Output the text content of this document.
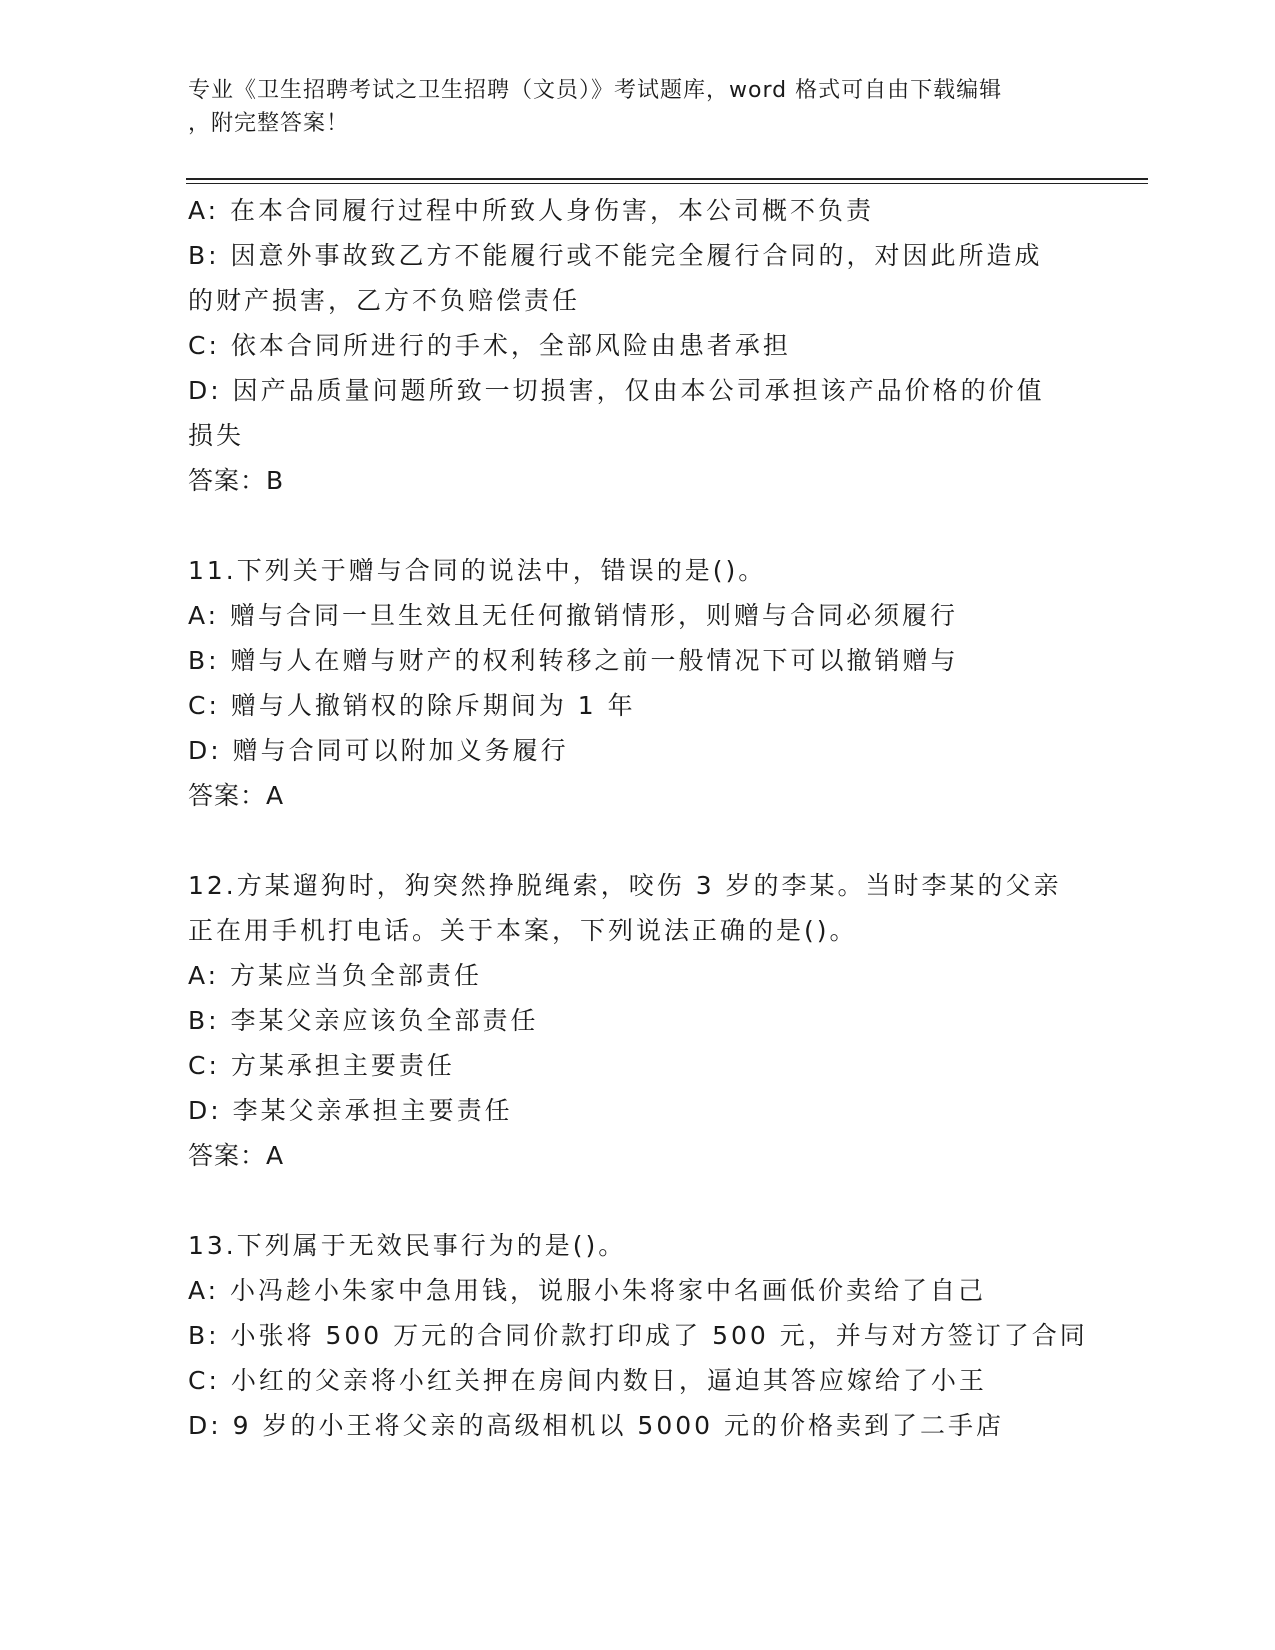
专业《卫生招聘考试之卫生招聘（文员）》考试题库，word 格式可自由下载编辑
，附完整答案！

A: 在本合同履行过程中所致人身伤害，本公司概不负责

B: 因意外事故致乙方不能履行或不能完全履行合同的，对因此所造成

的财产损害，乙方不负赔偿责任

C: 依本合同所进行的手术，全部风险由患者承担

D: 因产品质量问题所致一切损害，仅由本公司承担该产品价格的价值

损失

答案：B

11.下列关于赠与合同的说法中，错误的是()。

A: 赠与合同一旦生效且无任何撤销情形，则赠与合同必须履行

B: 赠与人在赠与财产的权利转移之前一般情况下可以撤销赠与

C: 赠与人撤销权的除斥期间为 1 年

D: 赠与合同可以附加义务履行

答案：A

12.方某遛狗时，狗突然挣脱绳索，咬伤 3 岁的李某。当时李某的父亲

正在用手机打电话。关于本案，下列说法正确的是()。

A: 方某应当负全部责任

B: 李某父亲应该负全部责任

C: 方某承担主要责任

D: 李某父亲承担主要责任

答案：A

13.下列属于无效民事行为的是()。

A: 小冯趁小朱家中急用钱，说服小朱将家中名画低价卖给了自己

B: 小张将 500 万元的合同价款打印成了 500 元，并与对方签订了合同

C: 小红的父亲将小红关押在房间内数日，逼迫其答应嫁给了小王

D: 9 岁的小王将父亲的高级相机以 5000 元的价格卖到了二手店
